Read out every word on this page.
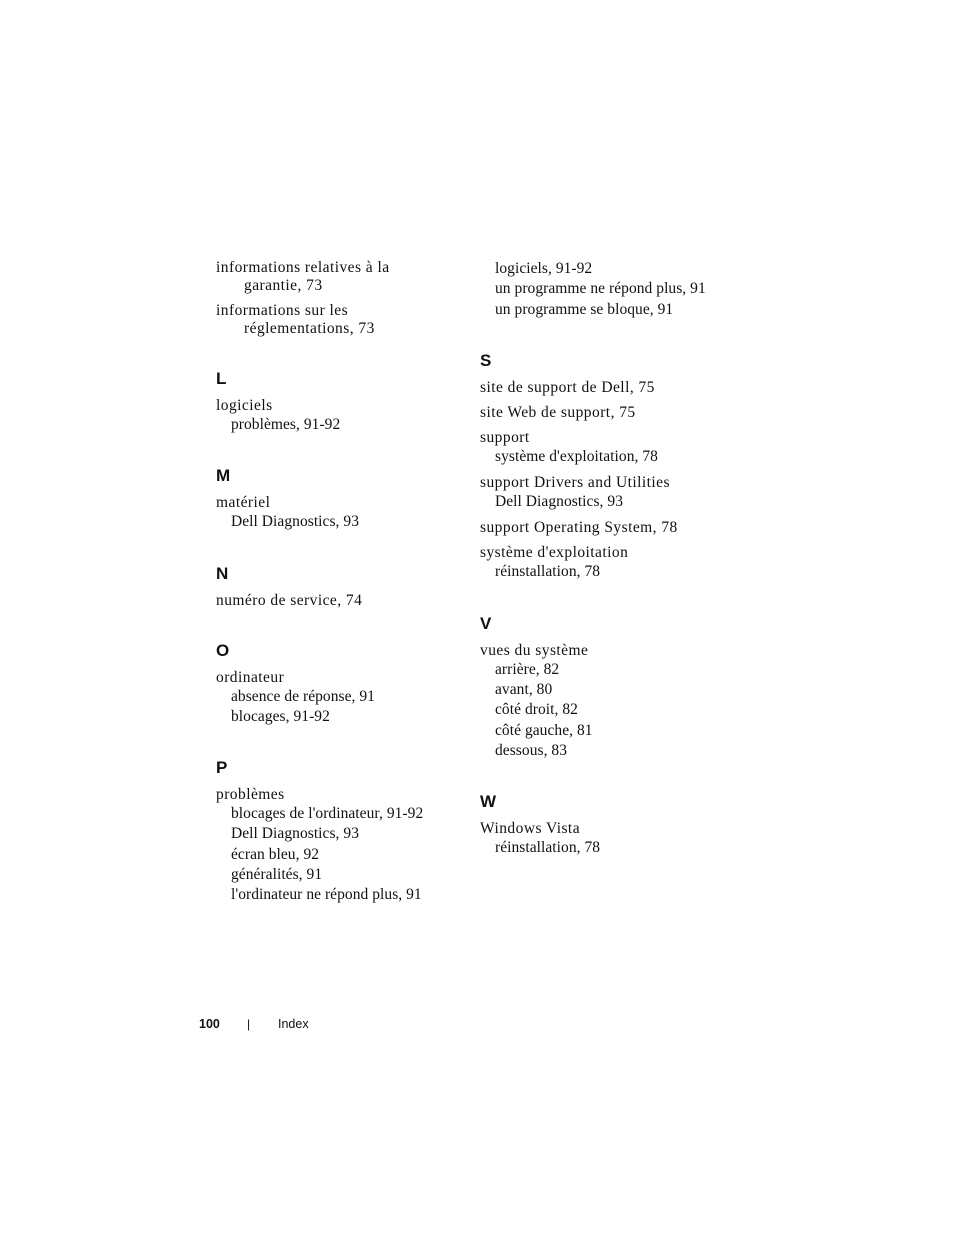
informations relatives à la
garantie, 73
informations sur les
réglementations, 73
L
logiciels
problèmes, 91-92
M
matériel
Dell Diagnostics, 93
N
numéro de service, 74
O
ordinateur
absence de réponse, 91
blocages, 91-92
P
problèmes
blocages de l'ordinateur, 91-92
Dell Diagnostics, 93
écran bleu, 92
généralités, 91
l'ordinateur ne répond plus, 91
logiciels, 91-92
un programme ne répond plus, 91
un programme se bloque, 91
S
site de support de Dell, 75
site Web de support, 75
support
système d'exploitation, 78
support Drivers and Utilities
Dell Diagnostics, 93
support Operating System, 78
système d'exploitation
réinstallation, 78
V
vues du système
arrière, 82
avant, 80
côté droit, 82
côté gauche, 81
dessous, 83
W
Windows Vista
réinstallation, 78
100 | Index
